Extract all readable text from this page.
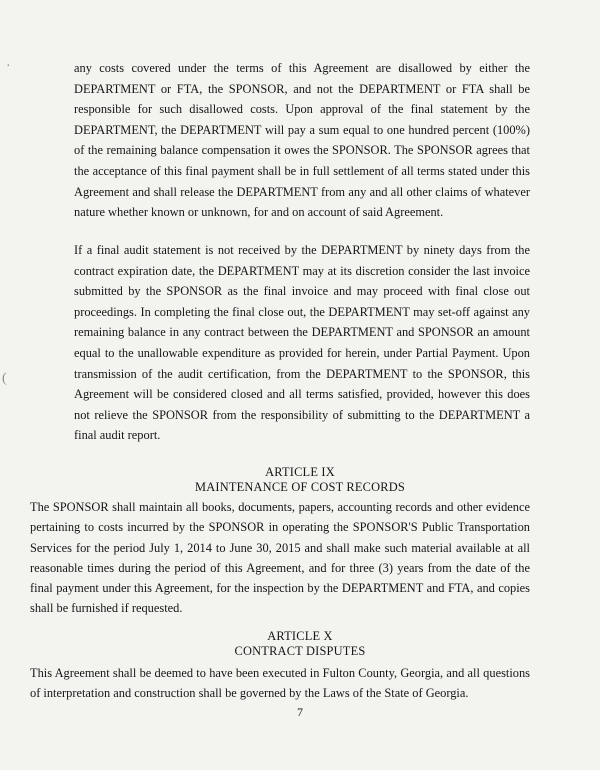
·
(

any costs covered under the terms of this Agreement are disallowed by either the DEPARTMENT or FTA, the SPONSOR, and not the DEPARTMENT or FTA shall be responsible for such disallowed costs. Upon approval of the final statement by the DEPARTMENT, the DEPARTMENT will pay a sum equal to one hundred percent (100%) of the remaining balance compensation it owes the SPONSOR. The SPONSOR agrees that the acceptance of this final payment shall be in full settlement of all terms stated under this Agreement and shall release the DEPARTMENT from any and all other claims of whatever nature whether known or unknown, for and on account of said Agreement.

If a final audit statement is not received by the DEPARTMENT by ninety days from the contract expiration date, the DEPARTMENT may at its discretion consider the last invoice submitted by the SPONSOR as the final invoice and may proceed with final close out proceedings. In completing the final close out, the DEPARTMENT may set-off against any remaining balance in any contract between the DEPARTMENT and SPONSOR an amount equal to the unallowable expenditure as provided for herein, under Partial Payment. Upon transmission of the audit certification, from the DEPARTMENT to the SPONSOR, this Agreement will be considered closed and all terms satisfied, provided, however this does not relieve the SPONSOR from the responsibility of submitting to the DEPARTMENT a final audit report.

ARTICLE IX
MAINTENANCE OF COST RECORDS

The SPONSOR shall maintain all books, documents, papers, accounting records and other evidence pertaining to costs incurred by the SPONSOR in operating the SPONSOR'S Public Transportation Services for the period July 1, 2014 to June 30, 2015 and shall make such material available at all reasonable times during the period of this Agreement, and for three (3) years from the date of the final payment under this Agreement, for the inspection by the DEPARTMENT and FTA, and copies shall be furnished if requested.

ARTICLE X
CONTRACT DISPUTES

This Agreement shall be deemed to have been executed in Fulton County, Georgia, and all questions of interpretation and construction shall be governed by the Laws of the State of Georgia.

7
